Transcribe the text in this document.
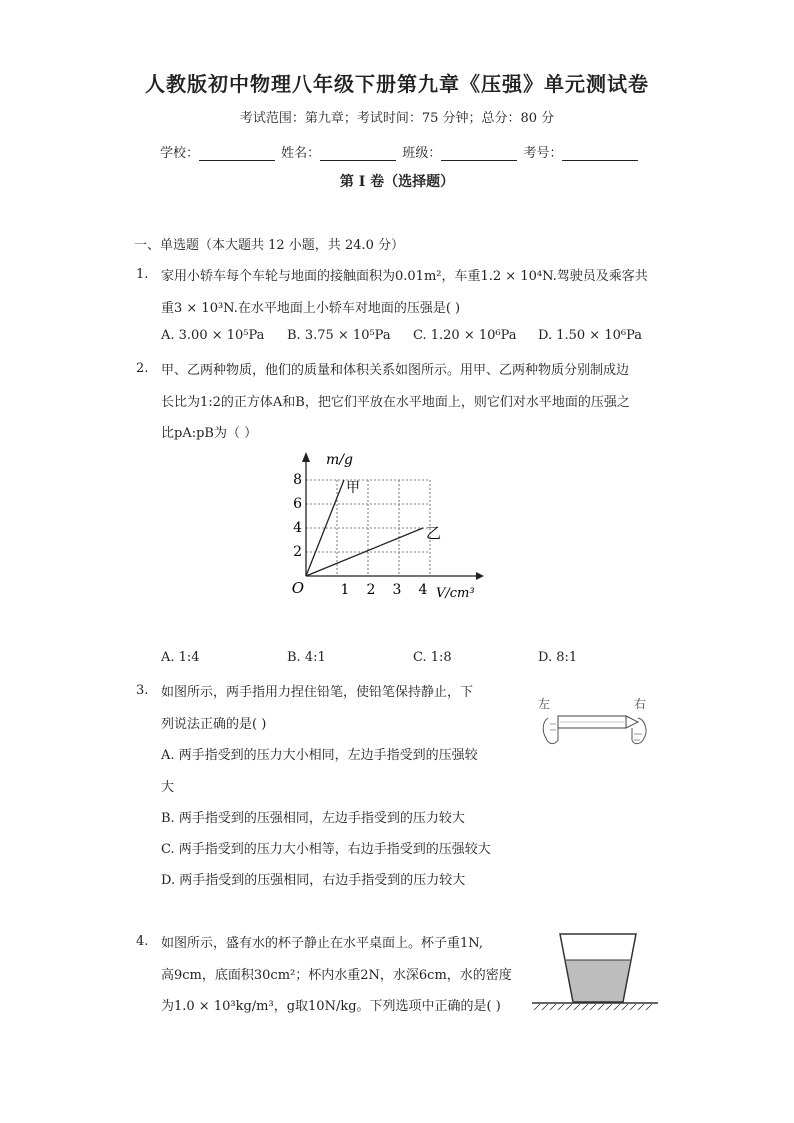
人教版初中物理八年级下册第九章《压强》单元测试卷
考试范围：第九章；考试时间：75 分钟；总分：80 分
学校：	姓名：	班级：	考号：
第 I 卷（选择题）
一、单选题（本大题共 12 小题，共 24.0 分）
1. 家用小轿车每个车轮与地面的接触面积为0.01m²，车重1.2 × 10⁴N.驾驶员及乘客共
重3 × 10³N.在水平地面上小轿车对地面的压强是( )
A. 3.00 × 10⁵Pa B. 3.75 × 10⁵Pa C. 1.20 × 10⁶Pa D. 1.50 × 10⁶Pa
2. 甲、乙两种物质，他们的质量和体积关系如图所示。用甲、乙两种物质分别制成边
长比为1:2的正方体A和B，把它们平放在水平地面上，则它们对水平地面的压强之
比pA:pB为（ ）
m/g
2
4
6
8
1 2 3 4
O	V/cm³
甲
乙
A. 1:4	B. 4:1	C. 1:8	D. 8:1
3. 如图所示，两手指用力捏住铅笔，使铅笔保持静止，下
列说法正确的是( )
A. 两手指受到的压力大小相同，左边手指受到的压强较
大
B. 两手指受到的压强相同，左边手指受到的压力较大
C. 两手指受到的压力大小相等，右边手指受到的压强较大
D. 两手指受到的压强相同，右边手指受到的压力较大
左	右
4. 如图所示，盛有水的杯子静止在水平桌面上。杯子重1N,
高9cm，底面积30cm²；杯内水重2N，水深6cm，水的密度
为1.0 × 10³kg/m³，g取10N/kg。下列选项中正确的是( )
